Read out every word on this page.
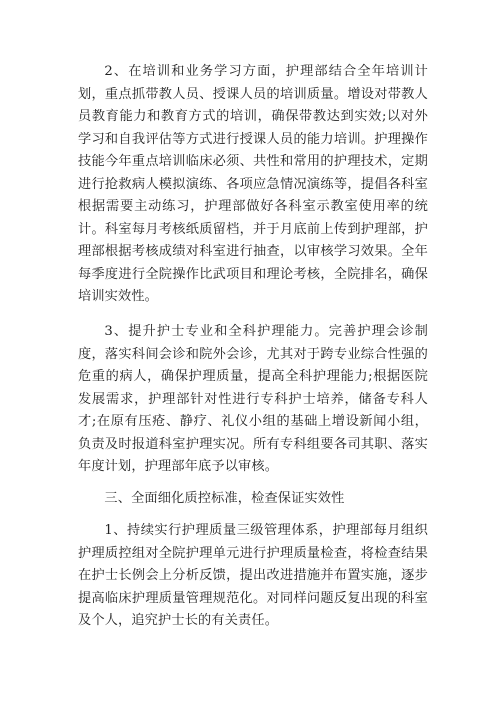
2、在培训和业务学习方面，护理部结合全年培训计划，重点抓带教人员、授课人员的培训质量。增设对带教人员教育能力和教育方式的培训，确保带教达到实效;以对外学习和自我评估等方式进行授课人员的能力培训。护理操作技能今年重点培训临床必须、共性和常用的护理技术，定期进行抢救病人模拟演练、各项应急情况演练等，提倡各科室根据需要主动练习，护理部做好各科室示教室使用率的统计。科室每月考核纸质留档，并于月底前上传到护理部，护理部根据考核成绩对科室进行抽查，以审核学习效果。全年每季度进行全院操作比武项目和理论考核，全院排名，确保培训实效性。

3、提升护士专业和全科护理能力。完善护理会诊制度，落实科间会诊和院外会诊，尤其对于跨专业综合性强的危重的病人，确保护理质量，提高全科护理能力;根据医院发展需求，护理部针对性进行专科护士培养，储备专科人才;在原有压疮、静疗、礼仪小组的基础上增设新闻小组，负责及时报道科室护理实况。所有专科组要各司其职、落实年度计划，护理部年底予以审核。

三、全面细化质控标准，检查保证实效性

1、持续实行护理质量三级管理体系，护理部每月组织护理质控组对全院护理单元进行护理质量检查，将检查结果在护士长例会上分析反馈，提出改进措施并布置实施，逐步提高临床护理质量管理规范化。对同样问题反复出现的科室及个人，追究护士长的有关责任。
